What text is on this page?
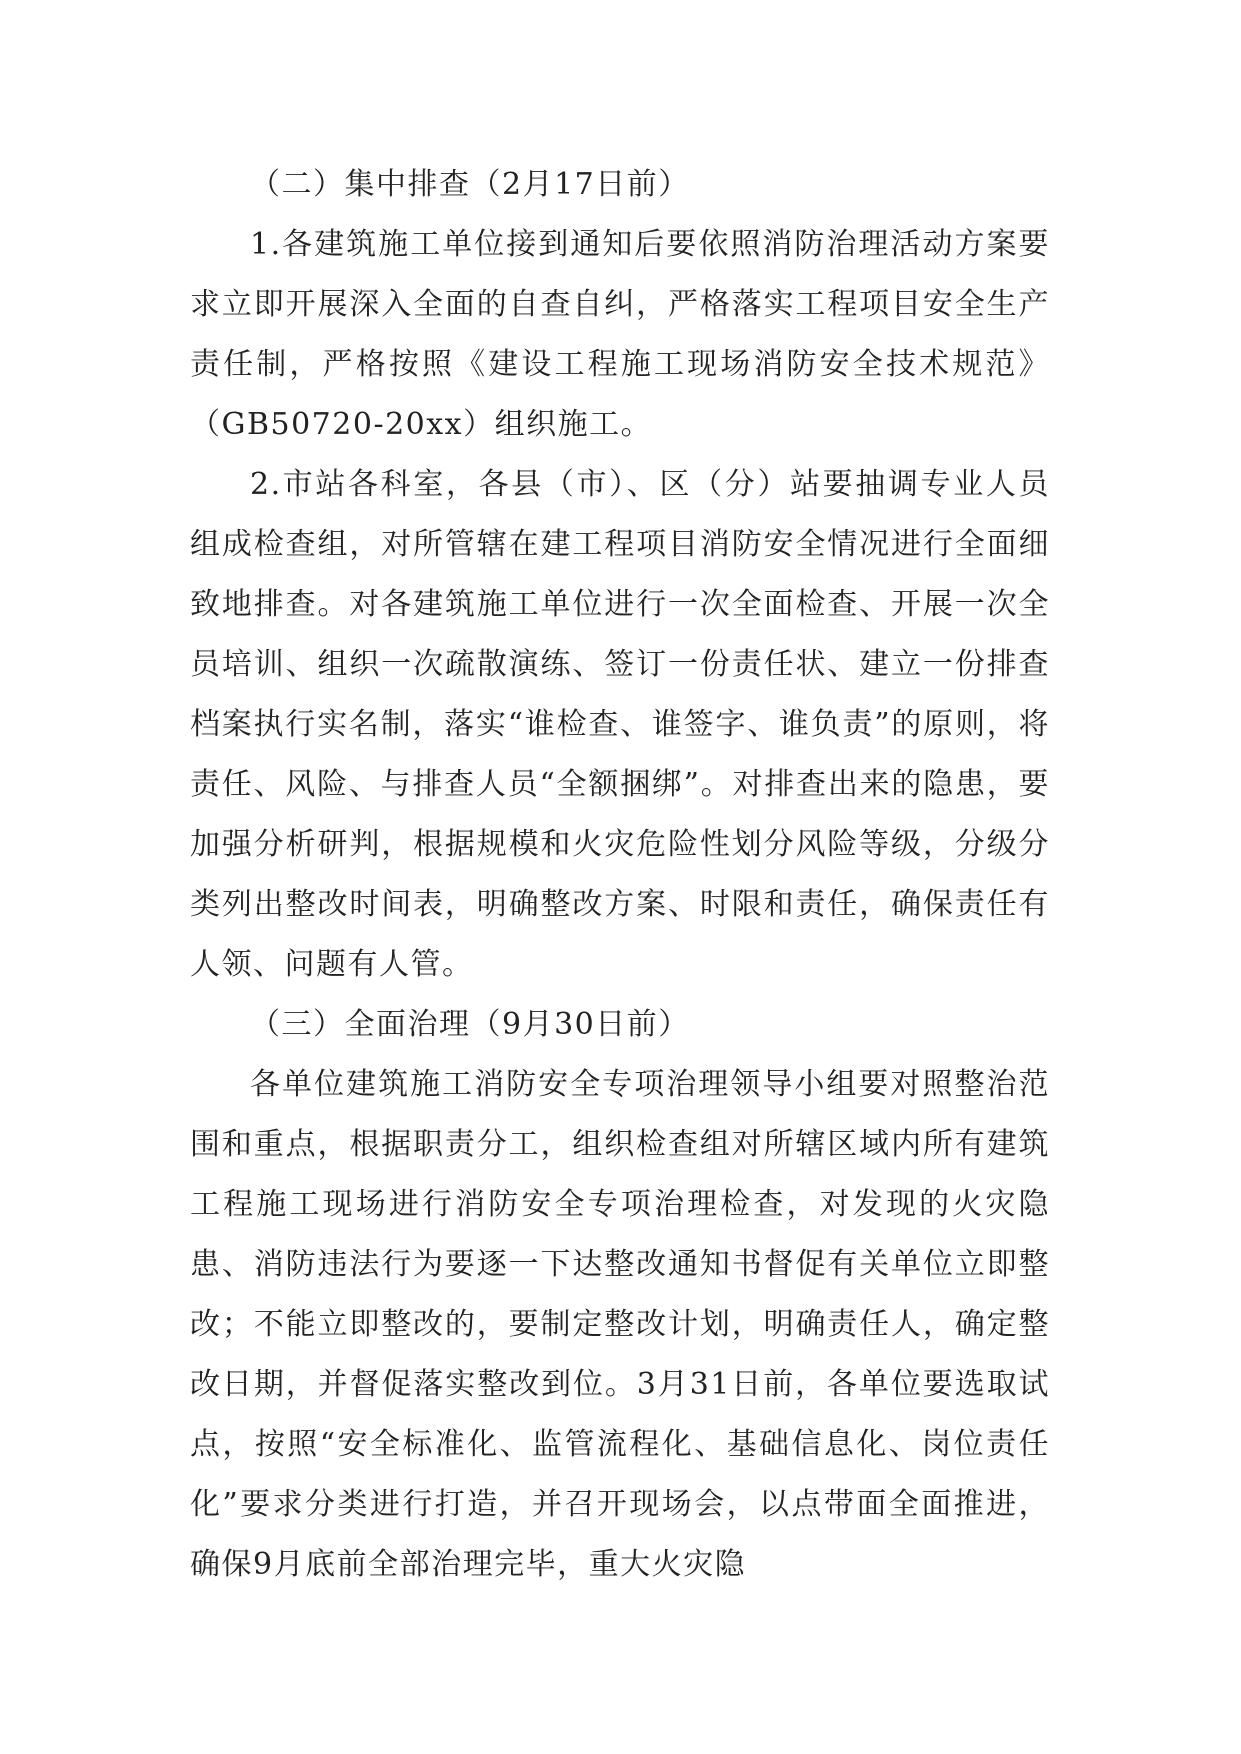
（二）集中排查（2月17日前）

1.各建筑施工单位接到通知后要依照消防治理活动方案要求立即开展深入全面的自查自纠，严格落实工程项目安全生产责任制，严格按照《建设工程施工现场消防安全技术规范》（GB50720-20xx）组织施工。

2.市站各科室，各县（市）、区（分）站要抽调专业人员组成检查组，对所管辖在建工程项目消防安全情况进行全面细致地排查。对各建筑施工单位进行一次全面检查、开展一次全员培训、组织一次疏散演练、签订一份责任状、建立一份排查档案执行实名制，落实“谁检查、谁签字、谁负责”的原则，将责任、风险、与排查人员“全额捆绑”。对排查出来的隐患，要加强分析研判，根据规模和火灾危险性划分风险等级，分级分类列出整改时间表，明确整改方案、时限和责任，确保责任有人领、问题有人管。

（三）全面治理（9月30日前）

各单位建筑施工消防安全专项治理领导小组要对照整治范围和重点，根据职责分工，组织检查组对所辖区域内所有建筑工程施工现场进行消防安全专项治理检查，对发现的火灾隐患、消防违法行为要逐一下达整改通知书督促有关单位立即整改；不能立即整改的，要制定整改计划，明确责任人，确定整改日期，并督促落实整改到位。3月31日前，各单位要选取试点，按照“安全标准化、监管流程化、基础信息化、岗位责任化”要求分类进行打造，并召开现场会，以点带面全面推进，确保9月底前全部治理完毕，重大火灾隐
